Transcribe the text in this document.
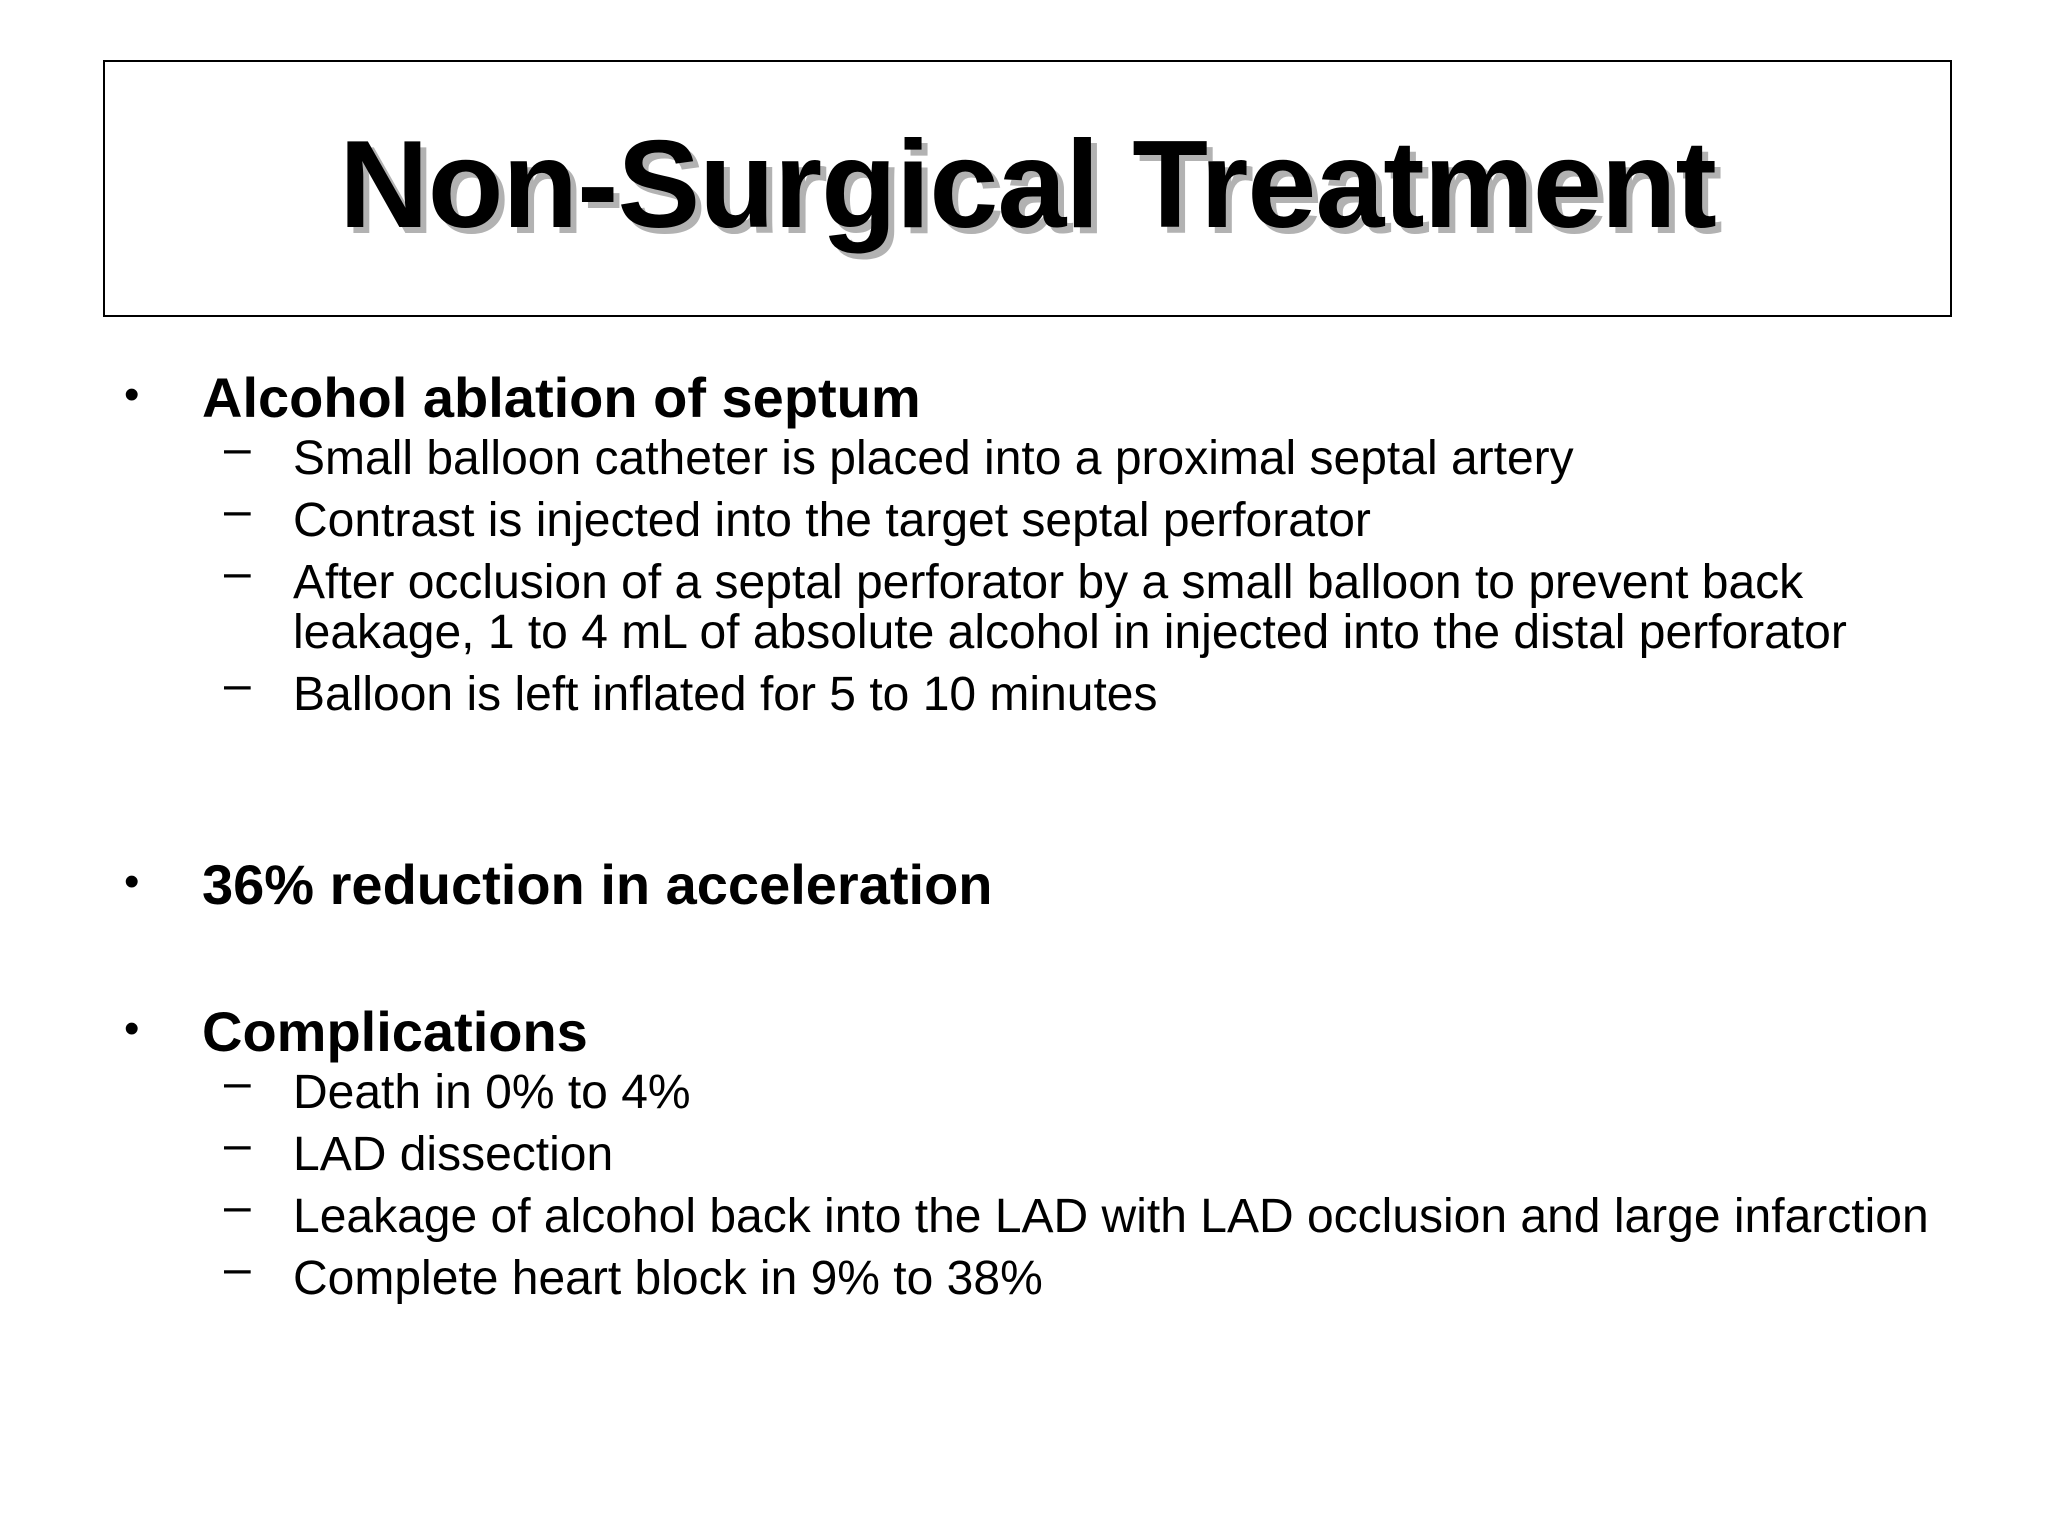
Non-Surgical Treatment
•	Alcohol ablation of septum
– Small balloon catheter is placed into a proximal septal artery
– Contrast is injected into the target septal perforator
– After occlusion of a septal perforator by a small balloon to prevent back leakage, 1 to 4 mL of absolute alcohol in injected into the distal perforator
– Balloon is left inflated for 5 to 10 minutes
•	36% reduction in acceleration
•	Complications
– Death in 0% to 4%
– LAD dissection
– Leakage of alcohol back into the LAD with LAD occlusion and large infarction
– Complete heart block in 9% to 38%
